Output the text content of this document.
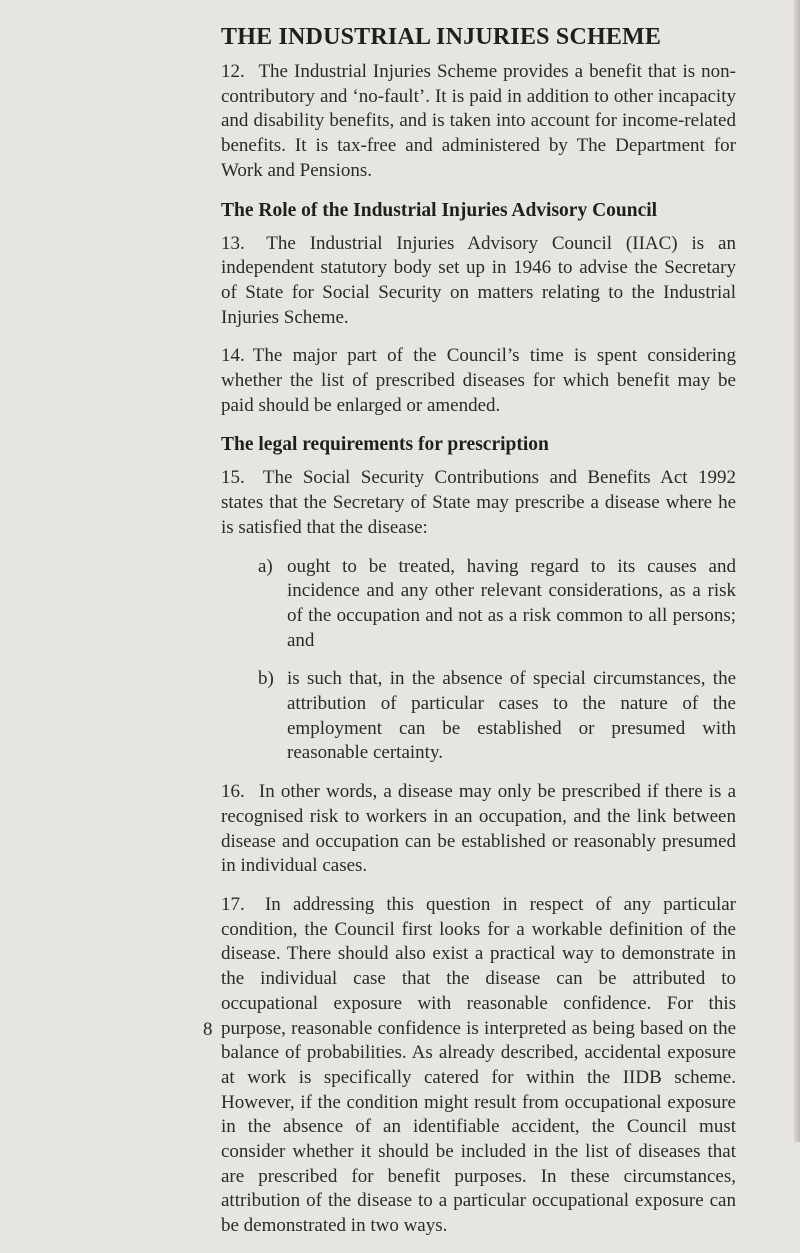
THE INDUSTRIAL INJURIES SCHEME

12. The Industrial Injuries Scheme provides a benefit that is non-contributory and ‘no-fault’. It is paid in addition to other incapacity and disability benefits, and is taken into account for income-related benefits. It is tax-free and administered by The Department for Work and Pensions.

The Role of the Industrial Injuries Advisory Council

13. The Industrial Injuries Advisory Council (IIAC) is an independent statutory body set up in 1946 to advise the Secretary of State for Social Security on matters relating to the Industrial Injuries Scheme.

14. The major part of the Council’s time is spent considering whether the list of prescribed diseases for which benefit may be paid should be enlarged or amended.

The legal requirements for prescription

15. The Social Security Contributions and Benefits Act 1992 states that the Secretary of State may prescribe a disease where he is satisfied that the disease:

a) ought to be treated, having regard to its causes and incidence and any other relevant considerations, as a risk of the occupation and not as a risk common to all persons; and
b) is such that, in the absence of special circumstances, the attribution of particular cases to the nature of the employment can be established or presumed with reasonable certainty.

16. In other words, a disease may only be prescribed if there is a recognised risk to workers in an occupation, and the link between disease and occupation can be established or reasonably presumed in individual cases.

17. In addressing this question in respect of any particular condition, the Council first looks for a workable definition of the disease. There should also exist a practical way to demonstrate in the individual case that the disease can be attributed to occupational exposure with reasonable confidence. For this purpose, reasonable confidence is interpreted as being based on the balance of probabilities. As already described, accidental exposure at work is specifically catered for within the IIDB scheme. However, if the condition might result from occupational exposure in the absence of an identifiable accident, the Council must consider whether it should be included in the list of diseases that are prescribed for benefit purposes. In these circumstances, attribution of the disease to a particular occupational exposure can be demonstrated in two ways.

8
